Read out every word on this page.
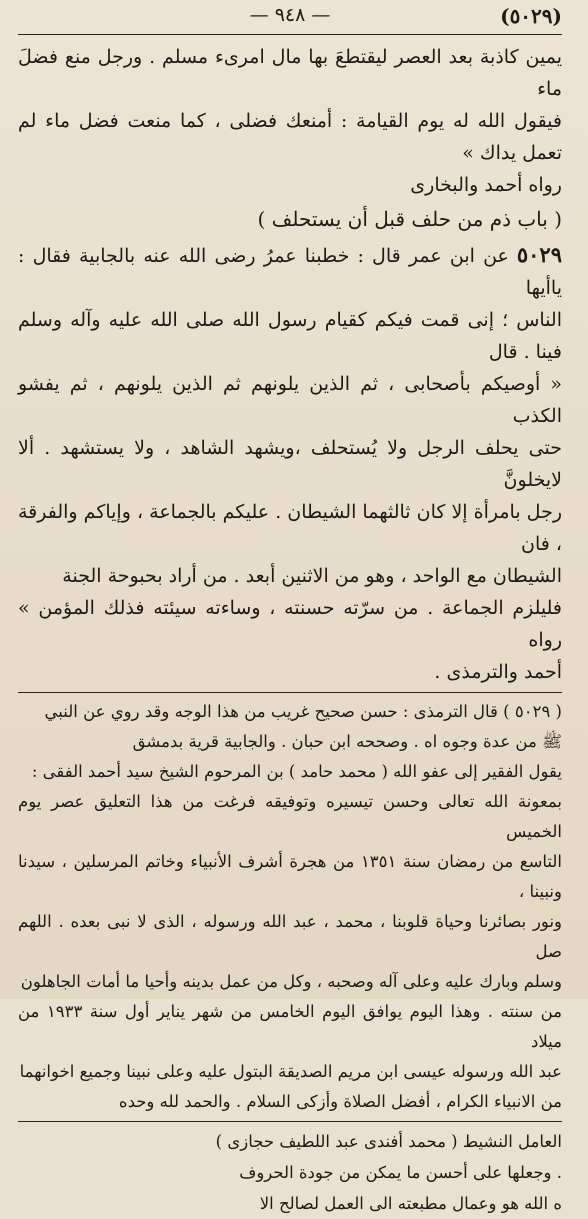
— ٩٤٨ —	(٥٠٢٩)

يمين كاذبة بعد العصر ليقتطعَ بها مال امرىء مسلم . ورجل منع فضلَ ماء

فيقول الله له يوم القيامة : أمنعك فضلى ، كما منعت فضل ماء لم تعمل يداك »

رواه أحمد والبخارى

( باب ذم من حلف قبل أن يستحلف )

٥٠٢٩عن ابن عمر قال : خطبنا عمرُ رضى الله عنه بالجابية فقال : ياأيها

الناس ؛ إنى قمت فيكم كقيام رسول الله صلى الله عليه وآله وسلم فينا . قال

« أوصيكم بأصحابى ، ثم الذين يلونهم ثم الذين يلونهم ، ثم يفشو الكذب

حتى يحلف الرجل ولا يُستحلف ،ويشهد الشاهد ، ولا يستشهد . ألا لايخلونَّ

رجل بامرأة إلا كان ثالثهما الشيطان . عليكم بالجماعة ، وإياكم والفرقة ، فان

الشيطان مع الواحد ، وهو من الاثنين أبعد . من أراد بحبوحة الجنة

فليلزم الجماعة . من سرّته حسنته ، وساءته سيئته فذلك المؤمن » رواه

أحمد والترمذى .

( ٥٠٢٩ ) قال الترمذى : حسن صحيح غريب من هذا الوجه وقد روي عن النبي

ﷺ من عدة وجوه اه . وصححه ابن حبان . والجابية قرية بدمشق

يقول الفقير إلى عفو الله ( محمد حامد ) بن المرحوم الشيخ سيد أحمد الفقى :

بمعونة الله تعالى وحسن تيسيره وتوفيقه فرغت من هذا التعليق عصر يوم الخميس

التاسع من رمضان سنة ١٣٥١ من هجرة أشرف الأنبياء وخاتم المرسلين ، سيدنا ونبينا ،

ونور بصائرنا وحياة قلوبنا ، محمد ، عبد الله ورسوله ، الذى لا نبى بعده . اللهم صل

وسلم وبارك عليه وعلى آله وصحبه ، وكل من عمل بدينه وأحيا ما أمات الجاهلون

من سنته . وهذا اليوم يوافق اليوم الخامس من شهر يناير أول سنة ١٩٣٣ من ميلاد

عبد الله ورسوله عيسى ابن مريم الصديقة البتول عليه وعلى نبينا وجميع اخوانهما

من الانبياء الكرام ، أفضل الصلاة وأزكى السلام . والحمد لله وحده

العامل النشيط ( محمد أفندى عبد اللطيف حجازى )

. وجعلها على أحسن ما يمكن من جودة الحروف

ه الله هو وعمال مطبعته الى العمل لصالح الا
